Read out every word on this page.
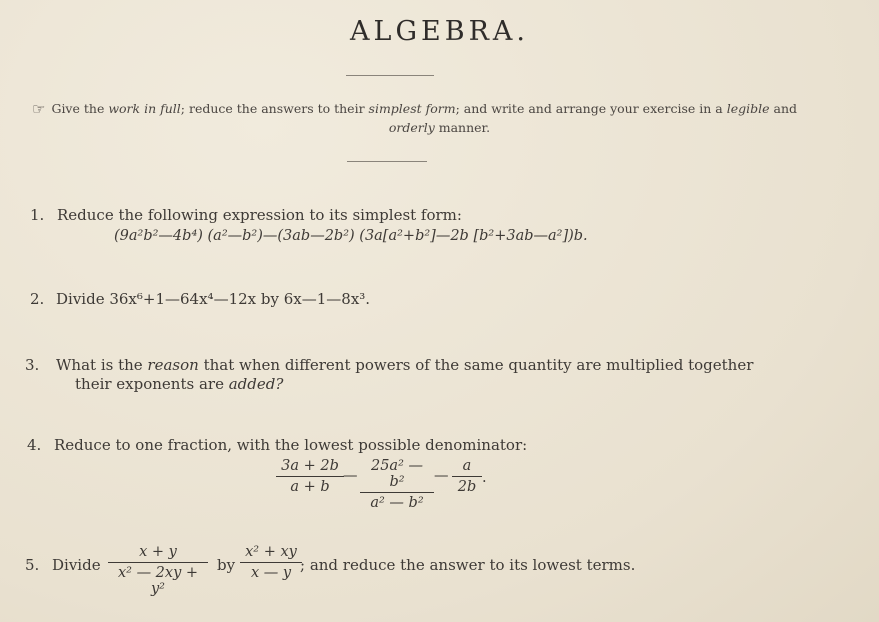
ALGEBRA.
☞ Give the work in full; reduce the answers to their simplest form; and write and arrange your exercise in a legible and
orderly manner.
1. Reduce the following expression to its simplest form:
(9a²b²—4b⁴) (a²—b²)—(3ab—2b²) (3a[a²+b²]—2b [b²+3ab—a²])b.
2. Divide 36x⁶+1—64x⁴—12x by 6x—1—8x³.
3. What is the reason that when different powers of the same quantity are multiplied together
their exponents are added?
4. Reduce to one fraction, with the lowest possible denominator:
3a + 2b
a + b
—
25a² — b²
a² — b²
—
a
2b
.
5. Divide
x + y
x² — 2xy + y²
by
x² + xy
x — y ; and reduce the answer to its lowest terms.
